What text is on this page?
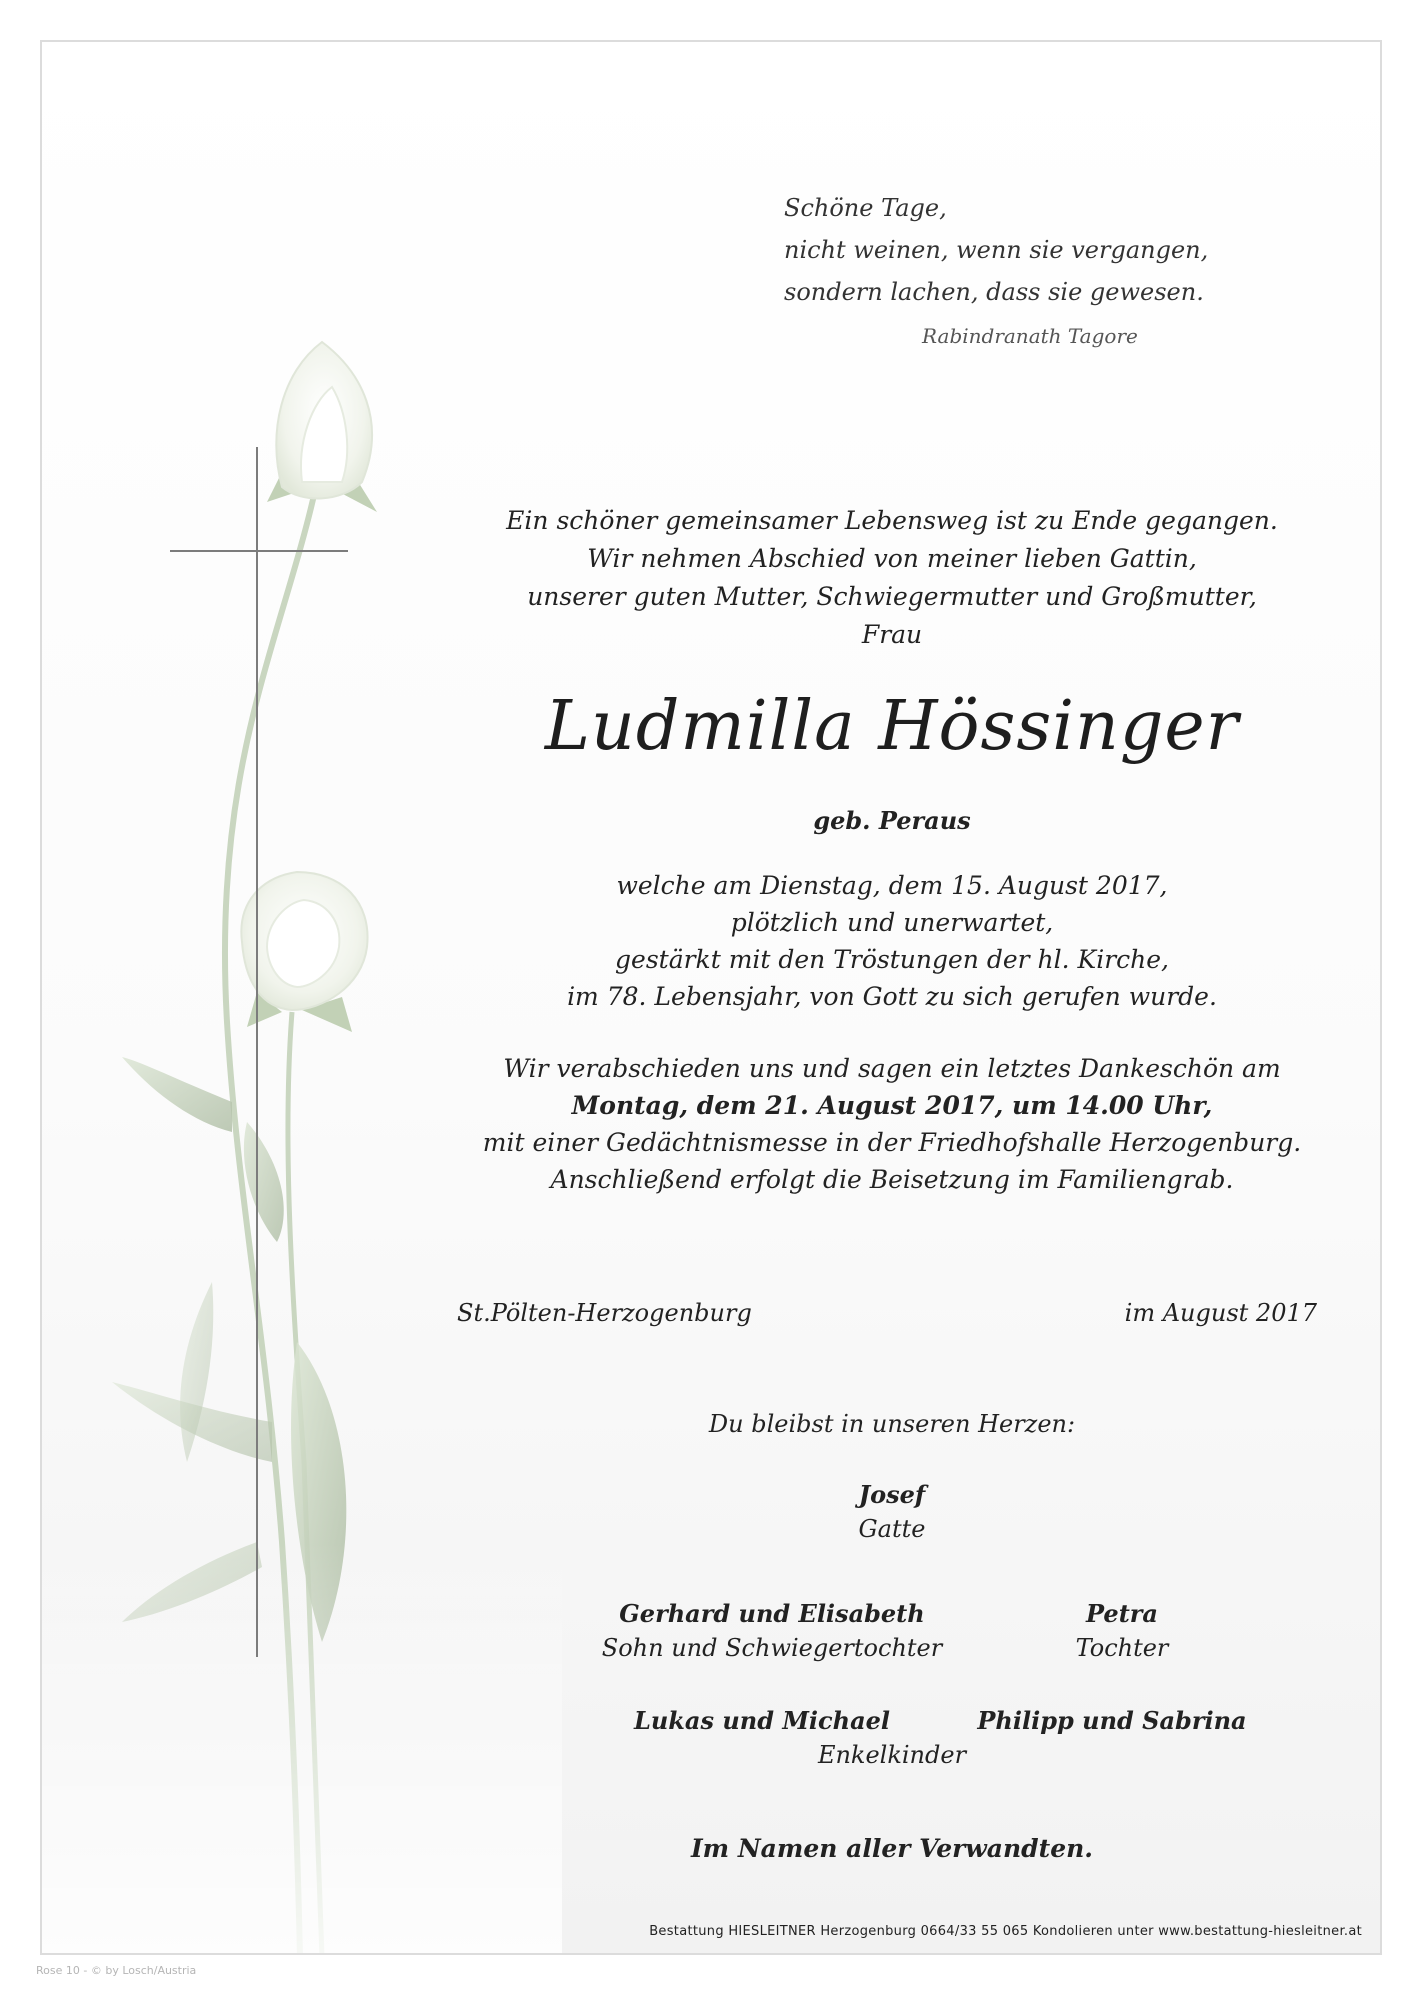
Schöne Tage,
nicht weinen, wenn sie vergangen,
sondern lachen, dass sie gewesen.
Rabindranath Tagore
Ein schöner gemeinsamer Lebensweg ist zu Ende gegangen.
Wir nehmen Abschied von meiner lieben Gattin,
unserer guten Mutter, Schwiegermutter und Großmutter,
Frau
Ludmilla Hössinger
geb. Peraus
welche am Dienstag, dem 15. August 2017,
plötzlich und unerwartet,
gestärkt mit den Tröstungen der hl. Kirche,
im 78. Lebensjahr, von Gott zu sich gerufen wurde.
Wir verabschieden uns und sagen ein letztes Dankeschön am
Montag, dem 21. August 2017, um 14.00 Uhr,
mit einer Gedächtnismesse in der Friedhofshalle Herzogenburg.
Anschließend erfolgt die Beisetzung im Familiengrab.
St.Pölten-Herzogenburg	im August 2017
Du bleibst in unseren Herzen:
Josef
Gatte
Gerhard und Elisabeth
Sohn und Schwiegertochter
Petra
Tochter
Lukas und Michael	Philipp und Sabrina
Enkelkinder
Im Namen aller Verwandten.
Bestattung HIESLEITNER Herzogenburg 0664/33 55 065 Kondolieren unter www.bestattung-hiesleitner.at
Rose 10 - © by Losch/Austria
